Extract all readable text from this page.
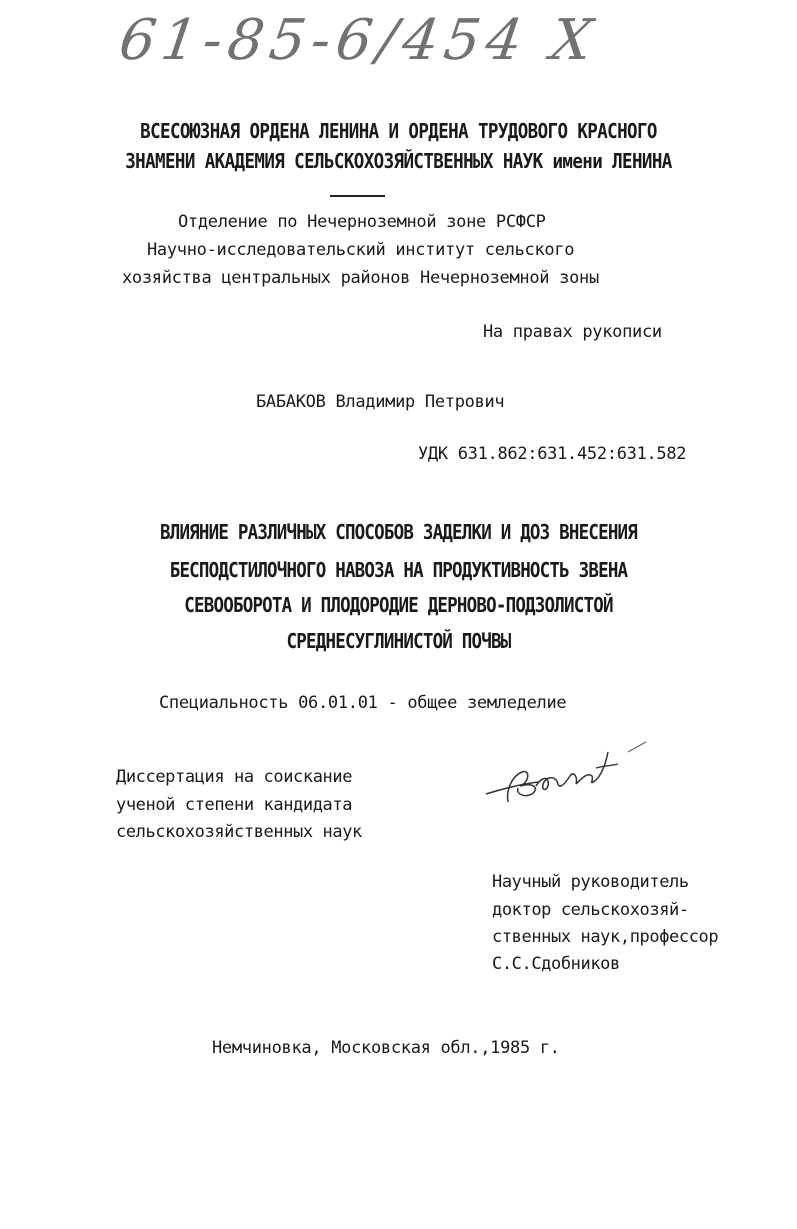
61-85-6/454 X
ВСЕСОЮЗНАЯ ОРДЕНА ЛЕНИНА И ОРДЕНА ТРУДОВОГО КРАСНОГО
ЗНАМЕНИ АКАДЕМИЯ СЕЛЬСКОХОЗЯЙСТВЕННЫХ НАУК имени ЛЕНИНА
Отделение по Нечерноземной зоне РСФСР
Научно-исследовательский институт сельского
хозяйства центральных районов Нечерноземной зоны
На правах рукописи
БАБАКОВ Владимир Петрович
УДК 631.862:631.452:631.582
ВЛИЯНИЕ РАЗЛИЧНЫХ СПОСОБОВ ЗАДЕЛКИ И ДОЗ ВНЕСЕНИЯ
БЕСПОДСТИЛОЧНОГО НАВОЗА НА ПРОДУКТИВНОСТЬ ЗВЕНА
СЕВООБОРОТА И ПЛОДОРОДИЕ ДЕРНОВО-ПОДЗОЛИСТОЙ
СРЕДНЕСУГЛИНИСТОЙ ПОЧВЫ
Специальность 06.01.01 - общее земледелие
Диссертация на соискание
ученой степени кандидата
сельскохозяйственных наук
Научный руководитель
доктор сельскохозяй-
ственных наук,профессор
С.С.Сдобников
Немчиновка, Московская обл.,1985 г.
